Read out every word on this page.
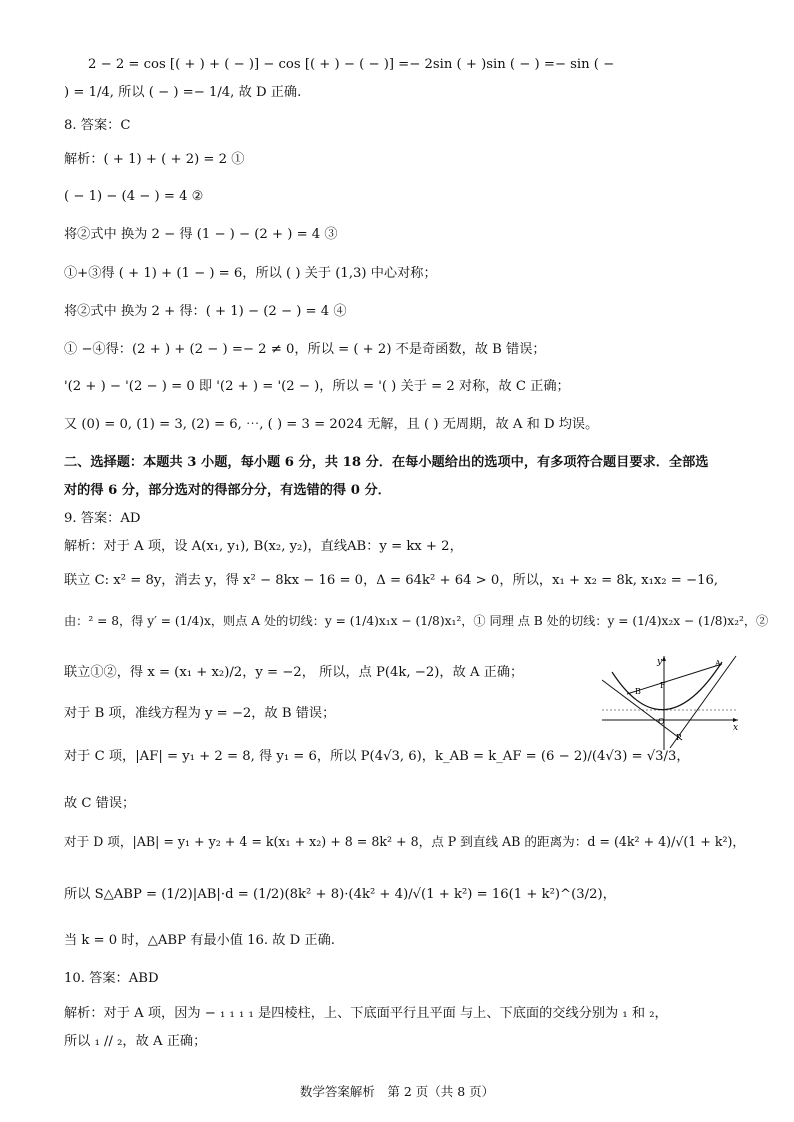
2 − 2 = cos [( + ) + ( − )] − cos [( + ) − ( − )] =− 2sin ( + )sin ( − ) =− sin ( −
) = 1/4, 所以 ( − ) =− 1/4, 故 D 正确.
8. 答案：C
解析：( + 1) + ( + 2) = 2 ①
( − 1) − (4 − ) = 4 ②
将②式中 换为 2 − 得 (1 − ) − (2 + ) = 4 ③
①+③得 ( + 1) + (1 − ) = 6，所以 ( ) 关于 (1,3) 中心对称；
将②式中 换为 2 + 得：( + 1) − (2 − ) = 4 ④
① −④得：(2 + ) + (2 − ) =− 2 ≠ 0，所以 = ( + 2) 不是奇函数，故 B 错误；
'(2 + ) − '(2 − ) = 0 即 '(2 + ) = '(2 − )，所以 = '( ) 关于 = 2 对称，故 C 正确；
又 (0) = 0, (1) = 3, (2) = 6, ⋯, ( ) = 3 = 2024 无解，且 ( ) 无周期，故 A 和 D 均误。
二、选择题：本题共 3 小题，每小题 6 分，共 18 分．在每小题给出的选项中，有多项符合题目要求．全部选
对的得 6 分，部分选对的得部分分，有选错的得 0 分．
9. 答案：AD
解析：对于 A 项，设 A(x₁, y₁), B(x₂, y₂)，直线AB：y = kx + 2，
联立 C: x² = 8y，消去 y，得 x² − 8kx − 16 = 0，Δ = 64k² + 64 > 0，所以，x₁ + x₂ = 8k, x₁x₂ = −16,
由：² = 8，得 y′ = (1/4)x，则点 A 处的切线：y = (1/4)x₁x − (1/8)x₁²，① 同理 点 B 处的切线：y = (1/4)x₂x − (1/8)x₂²，②
联立①②，得 x = (x₁ + x₂)/2，y = −2， 所以，点 P(4k, −2)，故 A 正确；
对于 B 项，准线方程为 y = −2，故 B 错误；
对于 C 项，|AF| = y₁ + 2 = 8, 得 y₁ = 6，所以 P(4√3, 6)，k_AB = k_AF = (6 − 2)/(4√3) = √3/3，
故 C 错误；
对于 D 项，|AB| = y₁ + y₂ + 4 = k(x₁ + x₂) + 8 = 8k² + 8，点 P 到直线 AB 的距离为：d = (4k² + 4)/√(1 + k²)，
所以 S△ABP = (1/2)|AB|·d = (1/2)(8k² + 8)·(4k² + 4)/√(1 + k²) = 16(1 + k²)^(3/2)，
当 k = 0 时，△ABP 有最小值 16. 故 D 正确.
10. 答案：ABD
解析：对于 A 项，因为 − ₁ ₁ ₁ ₁ 是四棱柱，上、下底面平行且平面 与上、下底面的交线分别为 ₁ 和 ₂，
所以 ₁ // ₂，故 A 正确；
x
y	A
B
F
O
P
数学答案解析　第 2 页（共 8 页）
